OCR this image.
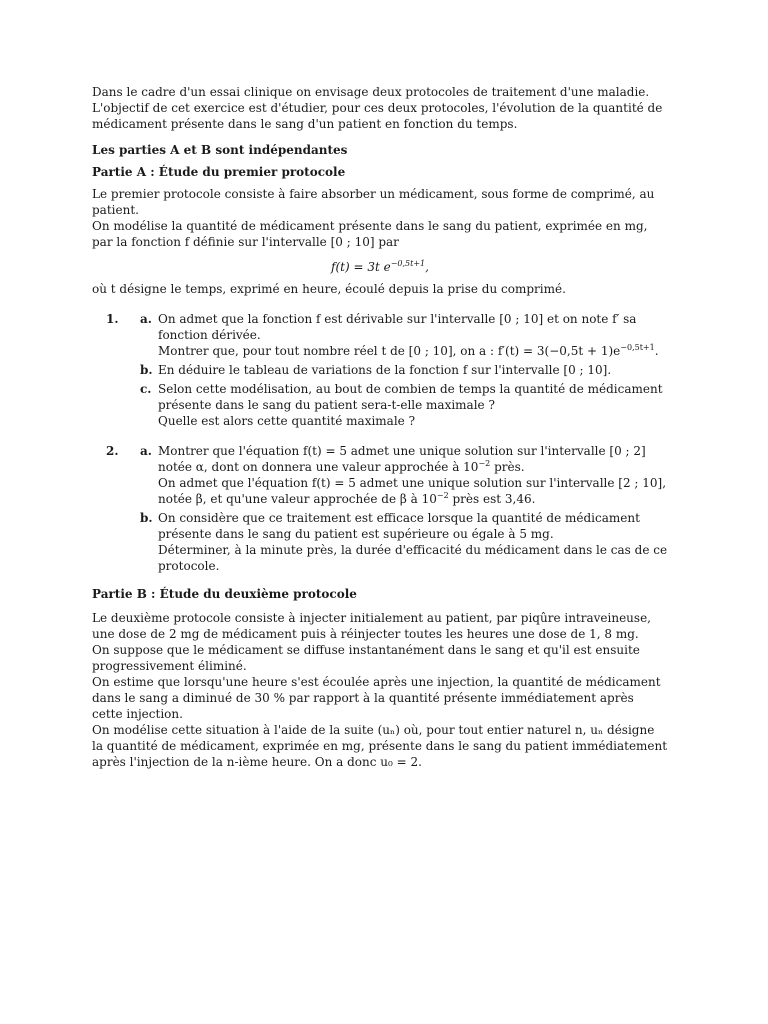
Dans le cadre d'un essai clinique on envisage deux protocoles de traitement d'une maladie.

L'objectif de cet exercice est d'étudier, pour ces deux protocoles, l'évolution de la quantité de médicament présente dans le sang d'un patient en fonction du temps.

Les parties A et B sont indépendantes

Partie A : Étude du premier protocole

Le premier protocole consiste à faire absorber un médicament, sous forme de comprimé, au patient.

On modélise la quantité de médicament présente dans le sang du patient, exprimée en mg, par la fonction f définie sur l'intervalle [0 ; 10] par

f(t) = 3t $e^{-0,5t+1}$,

où t désigne le temps, exprimé en heure, écoulé depuis la prise du comprimé.

1. a. On admet que la fonction f est dérivable sur l'intervalle [0 ; 10] et on note f′ sa fonction dérivée.

Montrer que, pour tout nombre réel t de [0 ; 10], on a : $f'(t) = 3(-0,5t + 1)e^{-0,5t+1}$.

b. En déduire le tableau de variations de la fonction f sur l'intervalle [0 ; 10].

c. Selon cette modélisation, au bout de combien de temps la quantité de médicament présente dans le sang du patient sera-t-elle maximale ?

Quelle est alors cette quantité maximale ?

2. a. Montrer que l'équation f(t) = 5 admet une unique solution sur l'intervalle [0 ; 2] notée α, dont on donnera une valeur approchée à $10^{-2}$ près.

On admet que l'équation f(t) = 5 admet une unique solution sur l'intervalle [2 ; 10], notée β, et qu'une valeur approchée de β à $10^{-2}$ près est 3,46.

b. On considère que ce traitement est efficace lorsque la quantité de médicament présente dans le sang du patient est supérieure ou égale à 5 mg.

Déterminer, à la minute près, la durée d'efficacité du médicament dans le cas de ce protocole.

Partie B : Étude du deuxième protocole

Le deuxième protocole consiste à injecter initialement au patient, par piqûre intraveineuse, une dose de 2 mg de médicament puis à réinjecter toutes les heures une dose de 1, 8 mg.

On suppose que le médicament se diffuse instantanément dans le sang et qu'il est ensuite progressivement éliminé.

On estime que lorsqu'une heure s'est écoulée après une injection, la quantité de médicament dans le sang a diminué de 30 % par rapport à la quantité présente immédiatement après cette injection.

On modélise cette situation à l'aide de la suite (uₙ) où, pour tout entier naturel n, uₙ désigne la quantité de médicament, exprimée en mg, présente dans le sang du patient immédiatement après l'injection de la n-ième heure. On a donc u₀ = 2.
